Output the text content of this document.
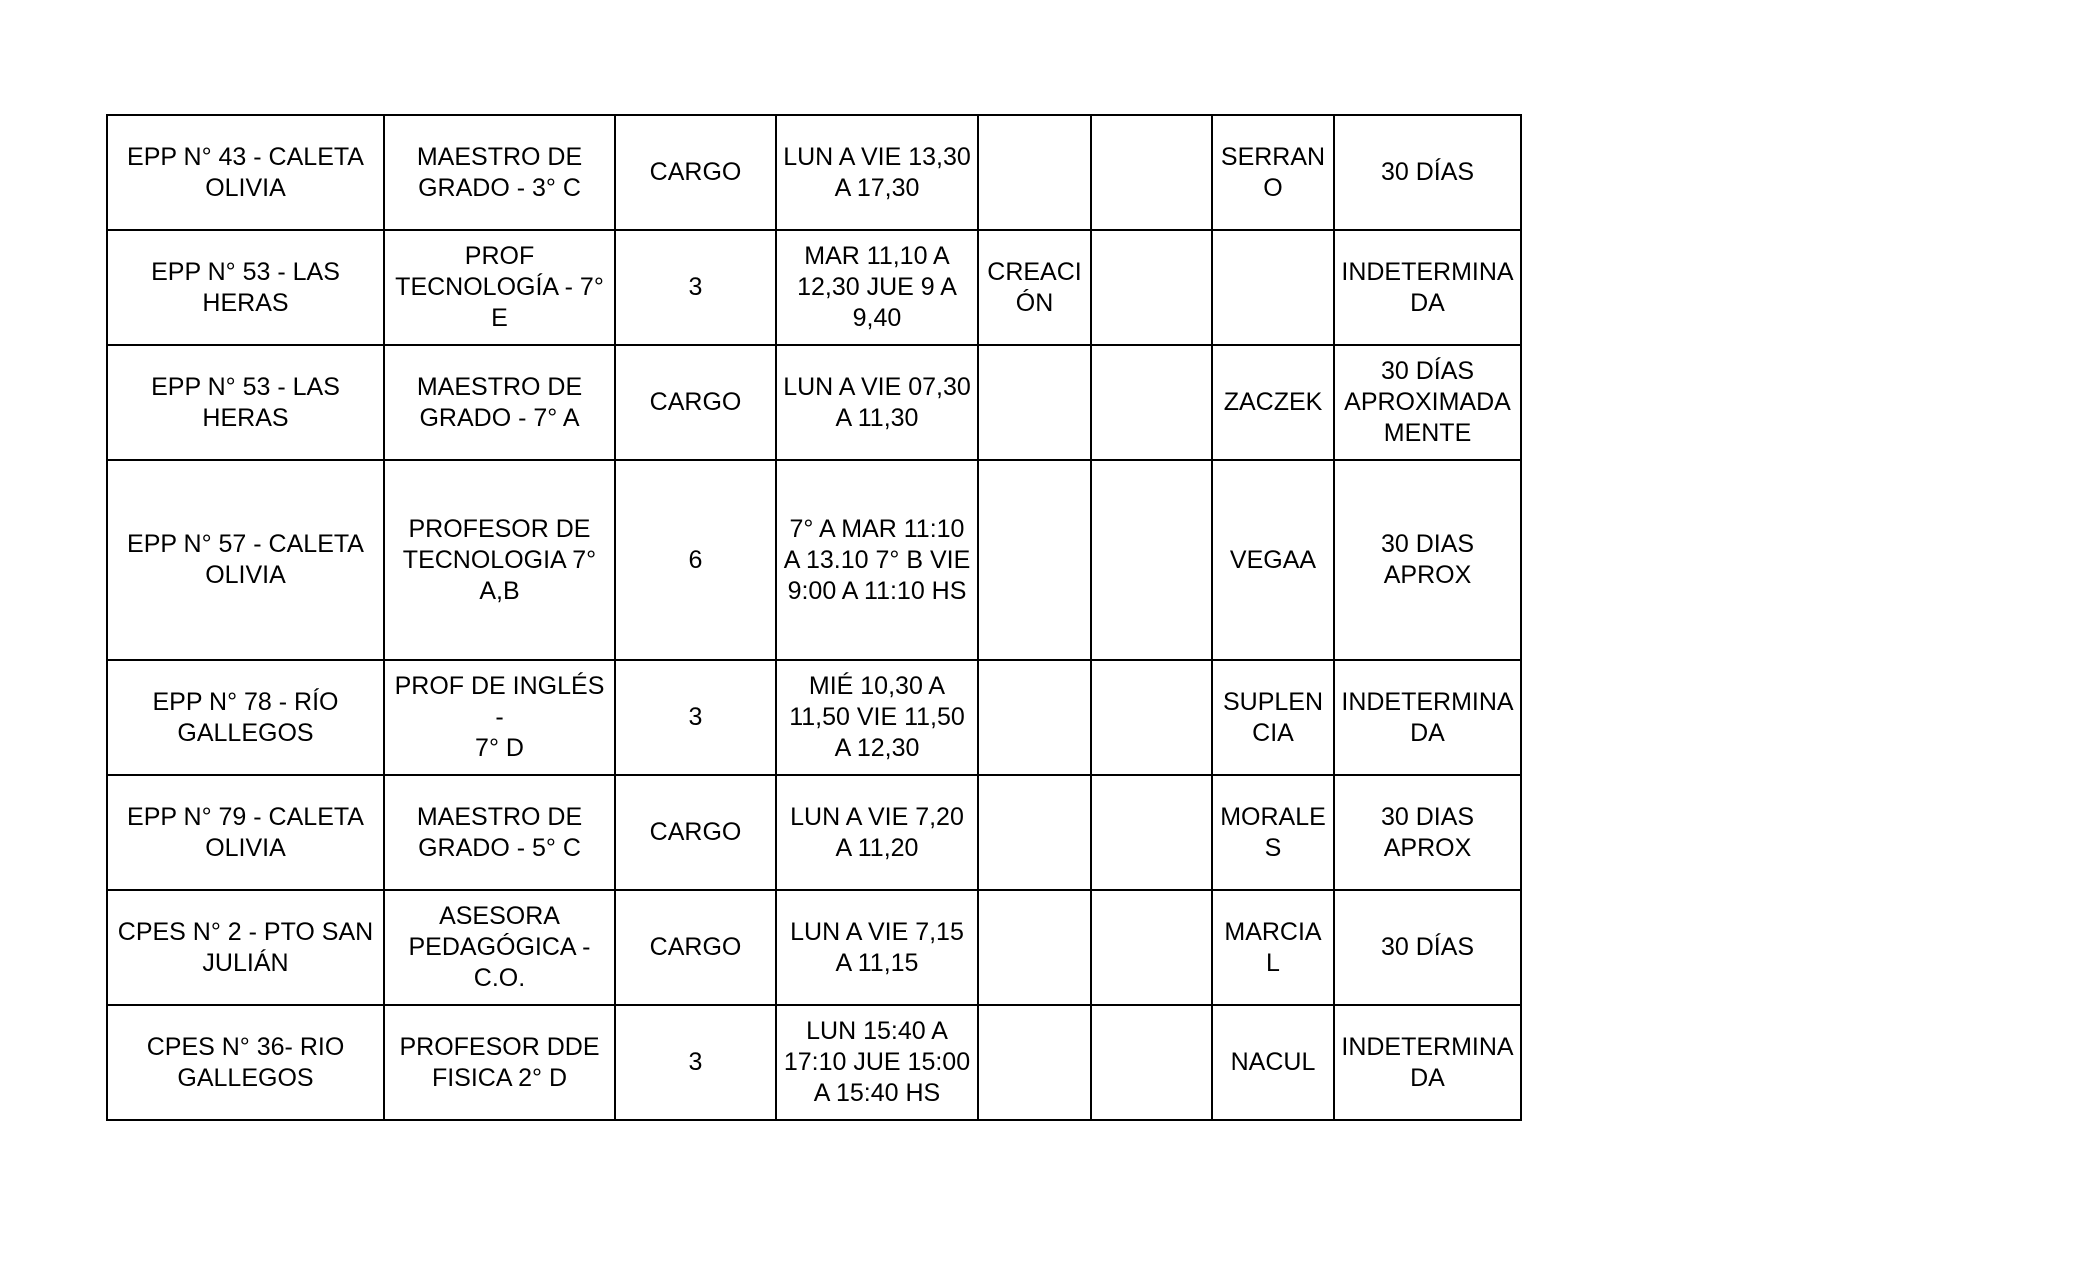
EPP N° 43 - CALETA
OLIVIA	MAESTRO DE
GRADO - 3° C	CARGO	LUN A VIE 13,30
A 17,30			SERRAN
O	30 DÍAS

EPP N° 53 - LAS
HERAS	PROF
TECNOLOGÍA - 7°
E	3	MAR 11,10 A
12,30 JUE 9 A
9,40	CREACI
ÓN			INDETERMINA
DA

EPP N° 53 - LAS
HERAS	MAESTRO DE
GRADO - 7° A	CARGO	LUN A VIE 07,30
A 11,30			ZACZEK	30 DÍAS
APROXIMADA
MENTE

EPP N° 57 - CALETA
OLIVIA	PROFESOR DE
TECNOLOGIA 7°
A,B	6	7° A MAR 11:10
A 13.10 7° B VIE
9:00 A 11:10 HS			VEGAA	30 DIAS
APROX

EPP N° 78 - RÍO
GALLEGOS	PROF DE INGLÉS -
7° D	3	MIÉ 10,30 A
11,50 VIE 11,50
A 12,30			SUPLEN
CIA	INDETERMINA
DA

EPP N° 79 - CALETA
OLIVIA	MAESTRO DE
GRADO - 5° C	CARGO	LUN A VIE 7,20
A 11,20			MORALE
S	30 DIAS
APROX

CPES N° 2 - PTO SAN
JULIÁN	ASESORA
PEDAGÓGICA -
C.O.	CARGO	LUN A VIE 7,15
A 11,15			MARCIAL	30 DÍAS

CPES N° 36- RIO
GALLEGOS	PROFESOR DDE
FISICA 2° D	3	LUN 15:40 A
17:10 JUE 15:00
A 15:40 HS			NACUL	INDETERMINA
DA
